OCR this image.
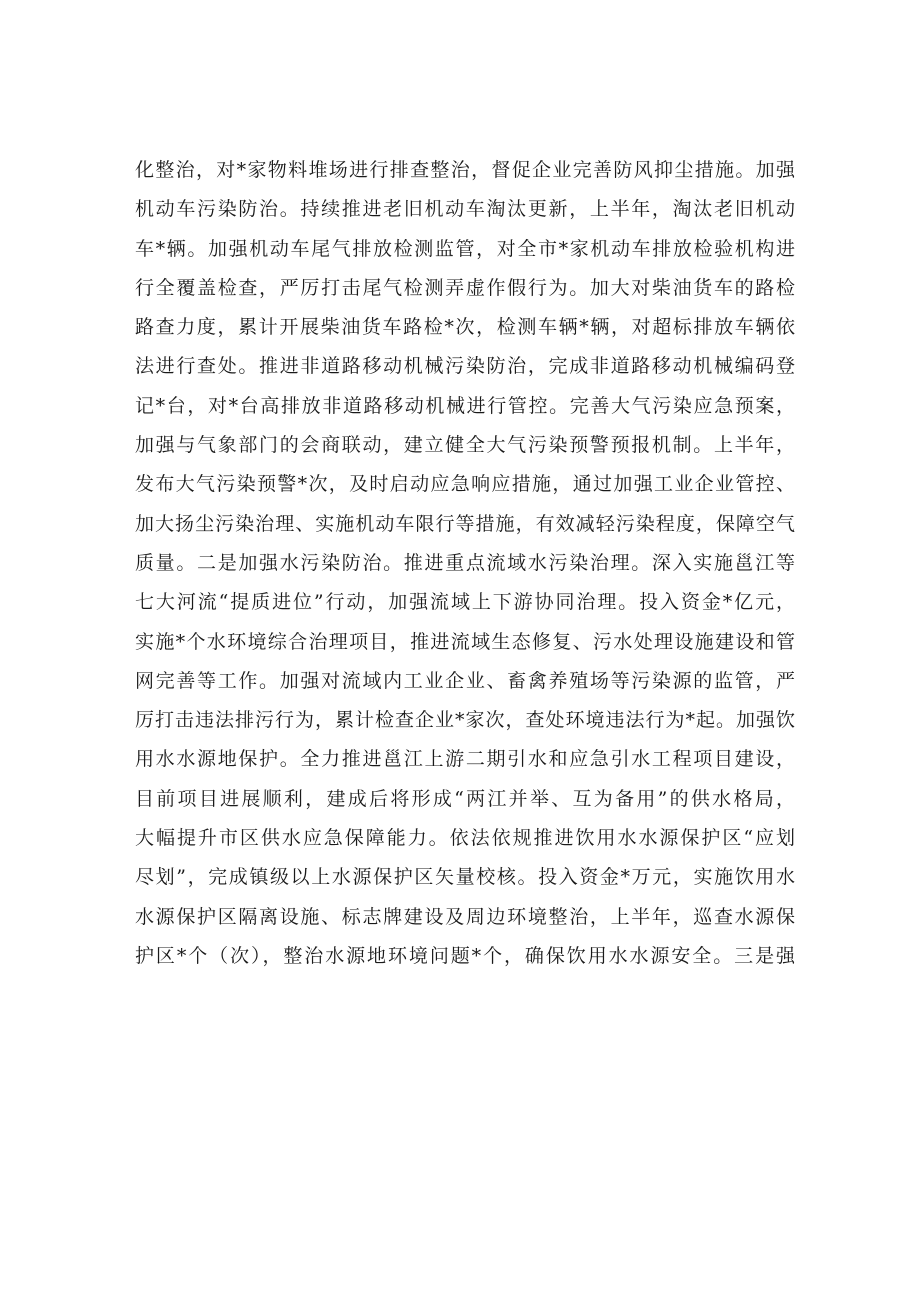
化整治，对*家物料堆场进行排查整治，督促企业完善防风抑尘措施。加强
机动车污染防治。持续推进老旧机动车淘汰更新，上半年，淘汰老旧机动
车*辆。加强机动车尾气排放检测监管，对全市*家机动车排放检验机构进
行全覆盖检查，严厉打击尾气检测弄虚作假行为。加大对柴油货车的路检
路查力度，累计开展柴油货车路检*次，检测车辆*辆，对超标排放车辆依
法进行查处。推进非道路移动机械污染防治，完成非道路移动机械编码登
记*台，对*台高排放非道路移动机械进行管控。完善大气污染应急预案，
加强与气象部门的会商联动，建立健全大气污染预警预报机制。上半年，
发布大气污染预警*次，及时启动应急响应措施，通过加强工业企业管控、
加大扬尘污染治理、实施机动车限行等措施，有效减轻污染程度，保障空气
质量。二是加强水污染防治。推进重点流域水污染治理。深入实施邕江等
七大河流“提质进位”行动，加强流域上下游协同治理。投入资金*亿元，
实施*个水环境综合治理项目，推进流域生态修复、污水处理设施建设和管
网完善等工作。加强对流域内工业企业、畜禽养殖场等污染源的监管，严
厉打击违法排污行为，累计检查企业*家次，查处环境违法行为*起。加强饮
用水水源地保护。全力推进邕江上游二期引水和应急引水工程项目建设，
目前项目进展顺利，建成后将形成“两江并举、互为备用”的供水格局，
大幅提升市区供水应急保障能力。依法依规推进饮用水水源保护区“应划
尽划”，完成镇级以上水源保护区矢量校核。投入资金*万元，实施饮用水
水源保护区隔离设施、标志牌建设及周边环境整治，上半年，巡查水源保
护区*个（次），整治水源地环境问题*个，确保饮用水水源安全。三是强
